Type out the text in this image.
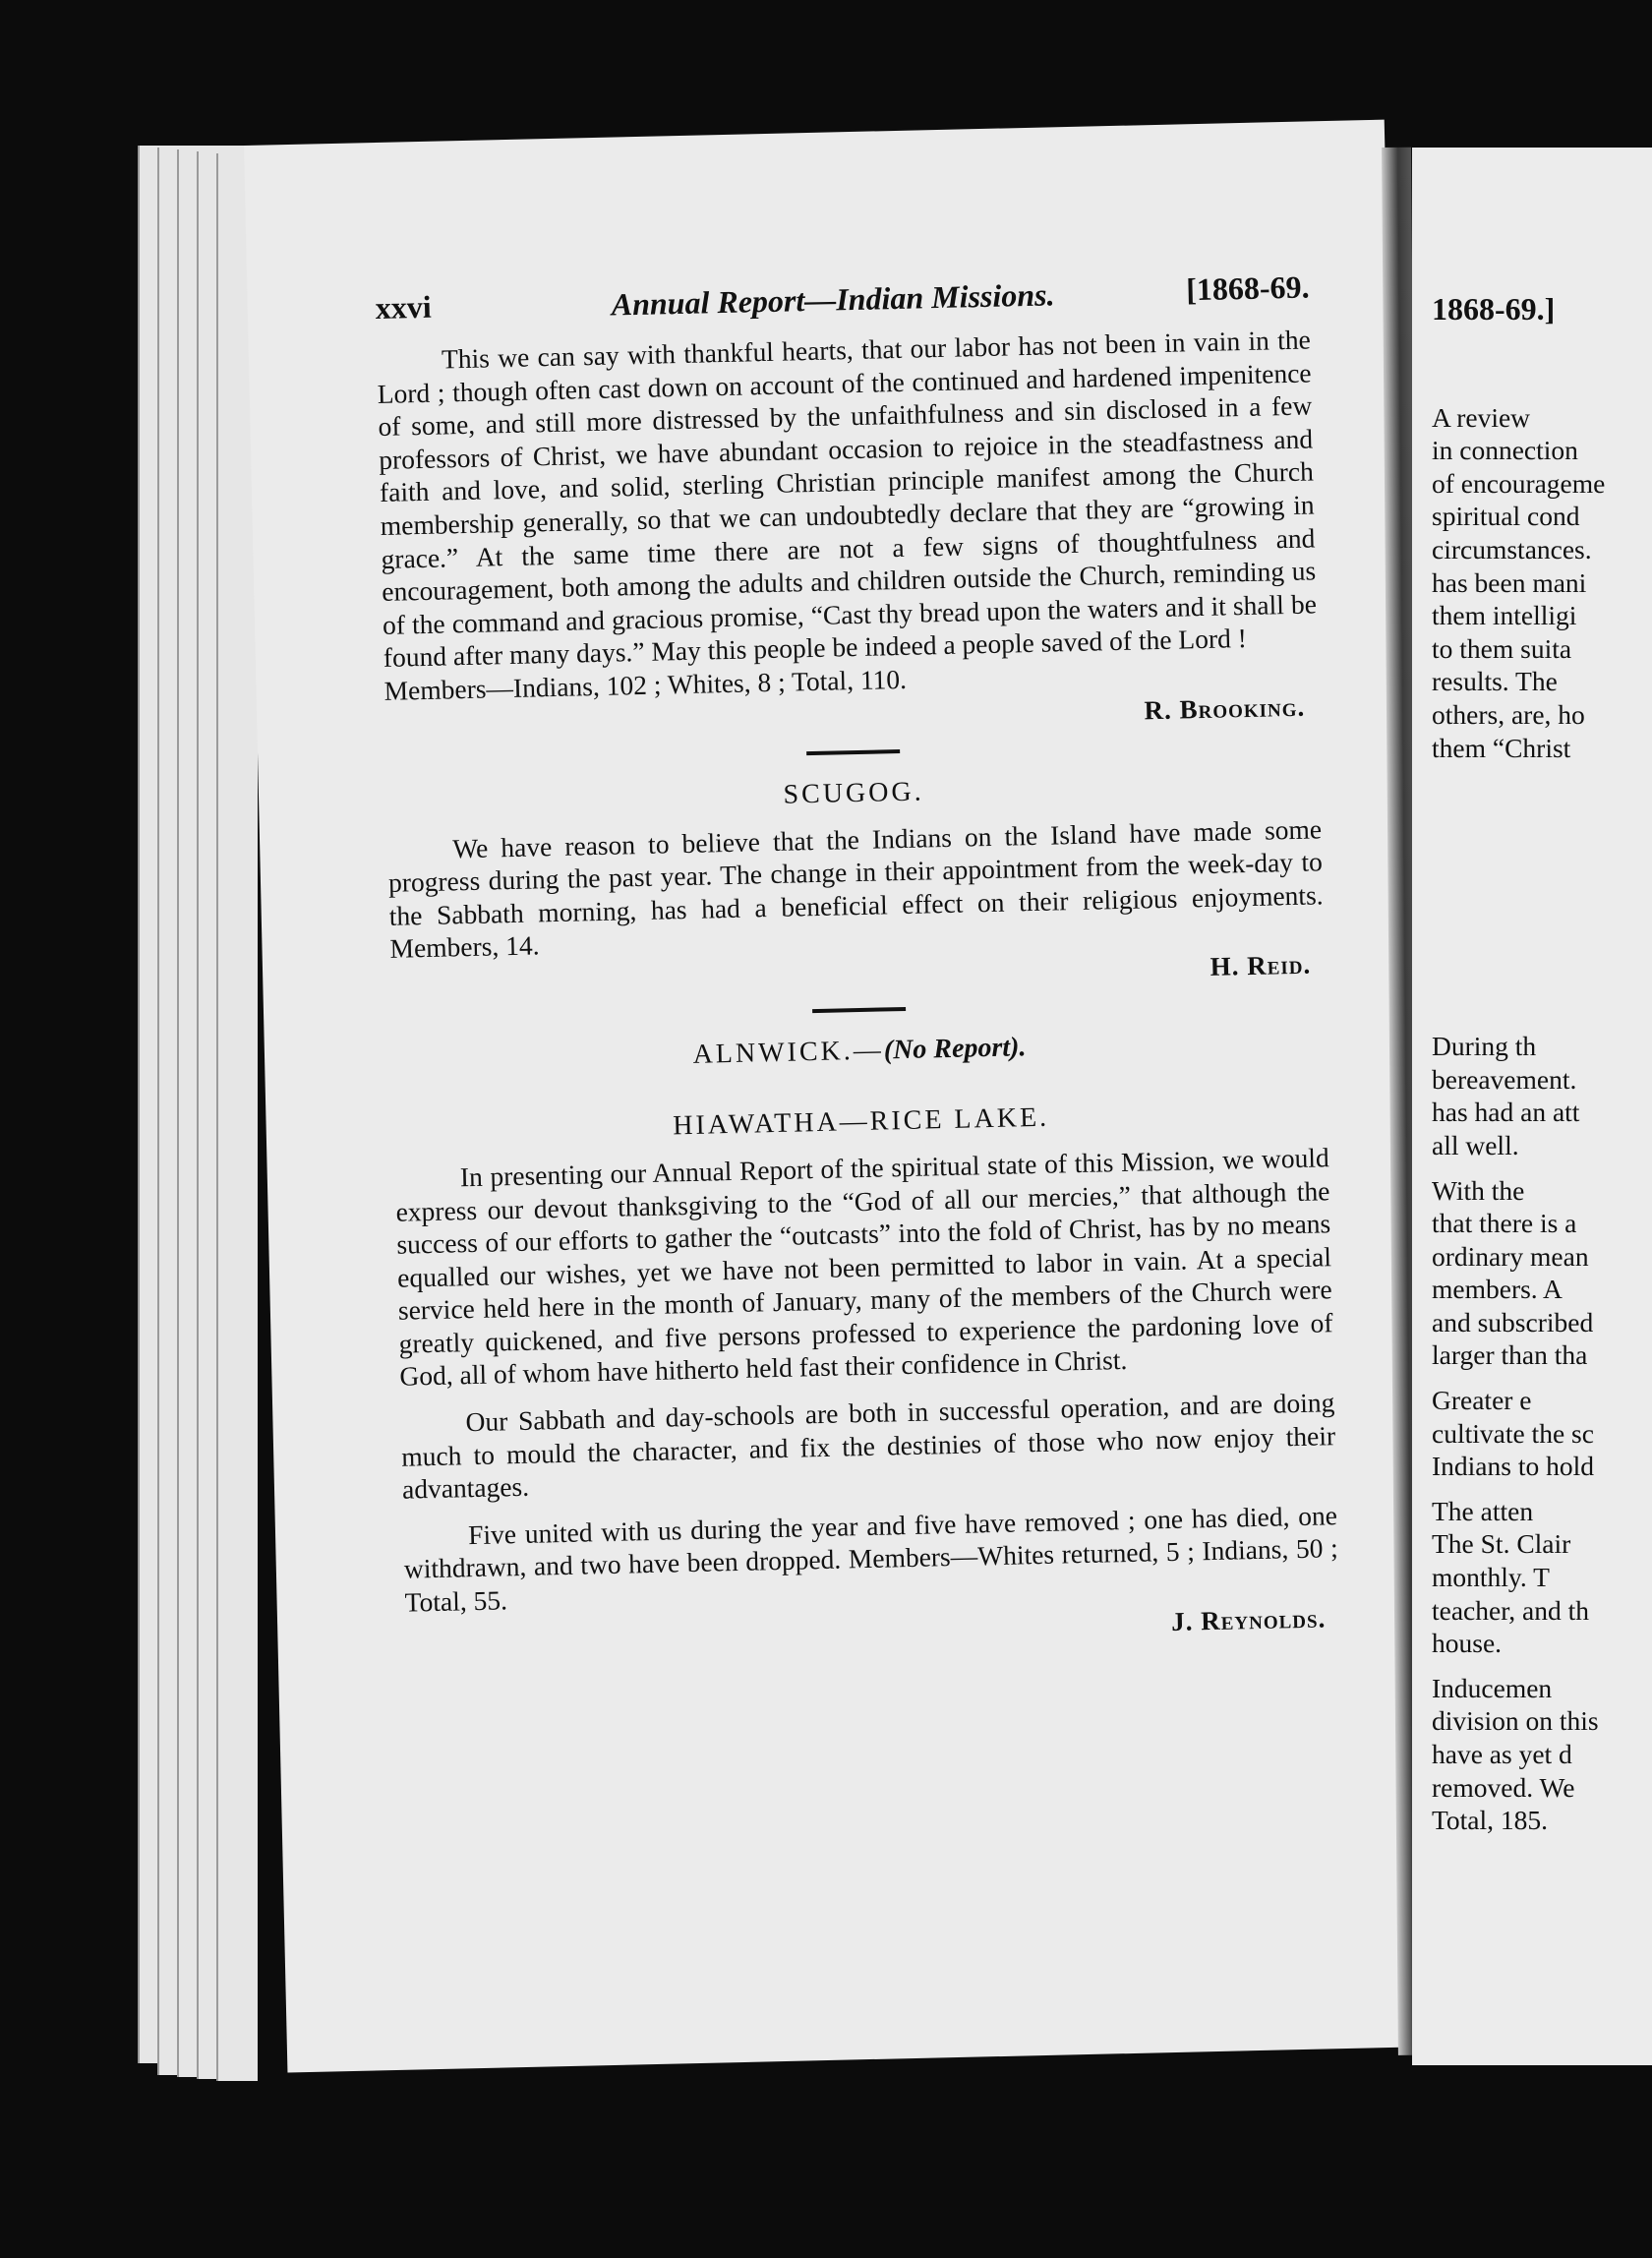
xxvi	Annual Report—Indian Missions.	[1868-69.

This we can say with thankful hearts, that our labor has not been in vain in the Lord ; though often cast down on account of the continued and hardened impenitence of some, and still more distressed by the unfaithfulness and sin disclosed in a few professors of Christ, we have abundant occasion to rejoice in the steadfastness and faith and love, and solid, sterling Christian principle manifest among the Church membership generally, so that we can undoubtedly declare that they are “growing in grace.” At the same time there are not a few signs of thoughtfulness and encouragement, both among the adults and children outside the Church, reminding us of the command and gracious promise, “Cast thy bread upon the waters and it shall be found after many days.” May this people be indeed a people saved of the Lord !

Members—Indians, 102 ; Whites, 8 ; Total, 110.

R. Brooking.

SCUGOG.

We have reason to believe that the Indians on the Island have made some progress during the past year. The change in their appointment from the week-day to the Sabbath morning, has had a beneficial effect on their religious enjoyments. Members, 14.

H. Reid.

ALNWICK.—(No Report).
HIAWATHA—RICE LAKE.

In presenting our Annual Report of the spiritual state of this Mission, we would express our devout thanksgiving to the “God of all our mercies,” that although the success of our efforts to gather the “outcasts” into the fold of Christ, has by no means equalled our wishes, yet we have not been permitted to labor in vain. At a special service held here in the month of January, many of the members of the Church were greatly quickened, and five persons professed to experience the pardoning love of God, all of whom have hitherto held fast their confidence in Christ.

Our Sabbath and day-schools are both in successful operation, and are doing much to mould the character, and fix the destinies of those who now enjoy their advantages.

Five united with us during the year and five have removed ; one has died, one withdrawn, and two have been dropped. Members—Whites returned, 5 ; Indians, 50 ; Total, 55.

J. Reynolds.

1868-69.]
A review
in connection
of encourageme
spiritual cond
circumstances.
has been mani
them intelligi
to them suita
results. The
others, are, ho
them “Christ
During th
bereavement.
has had an att
all well.
With the
that there is a
ordinary mean
members. A
and subscribed
larger than tha
Greater e
cultivate the sc
Indians to hold
The atten
The St. Clair
monthly. T
teacher, and th
house.
Inducemen
division on this
have as yet d
removed. We
Total, 185.
